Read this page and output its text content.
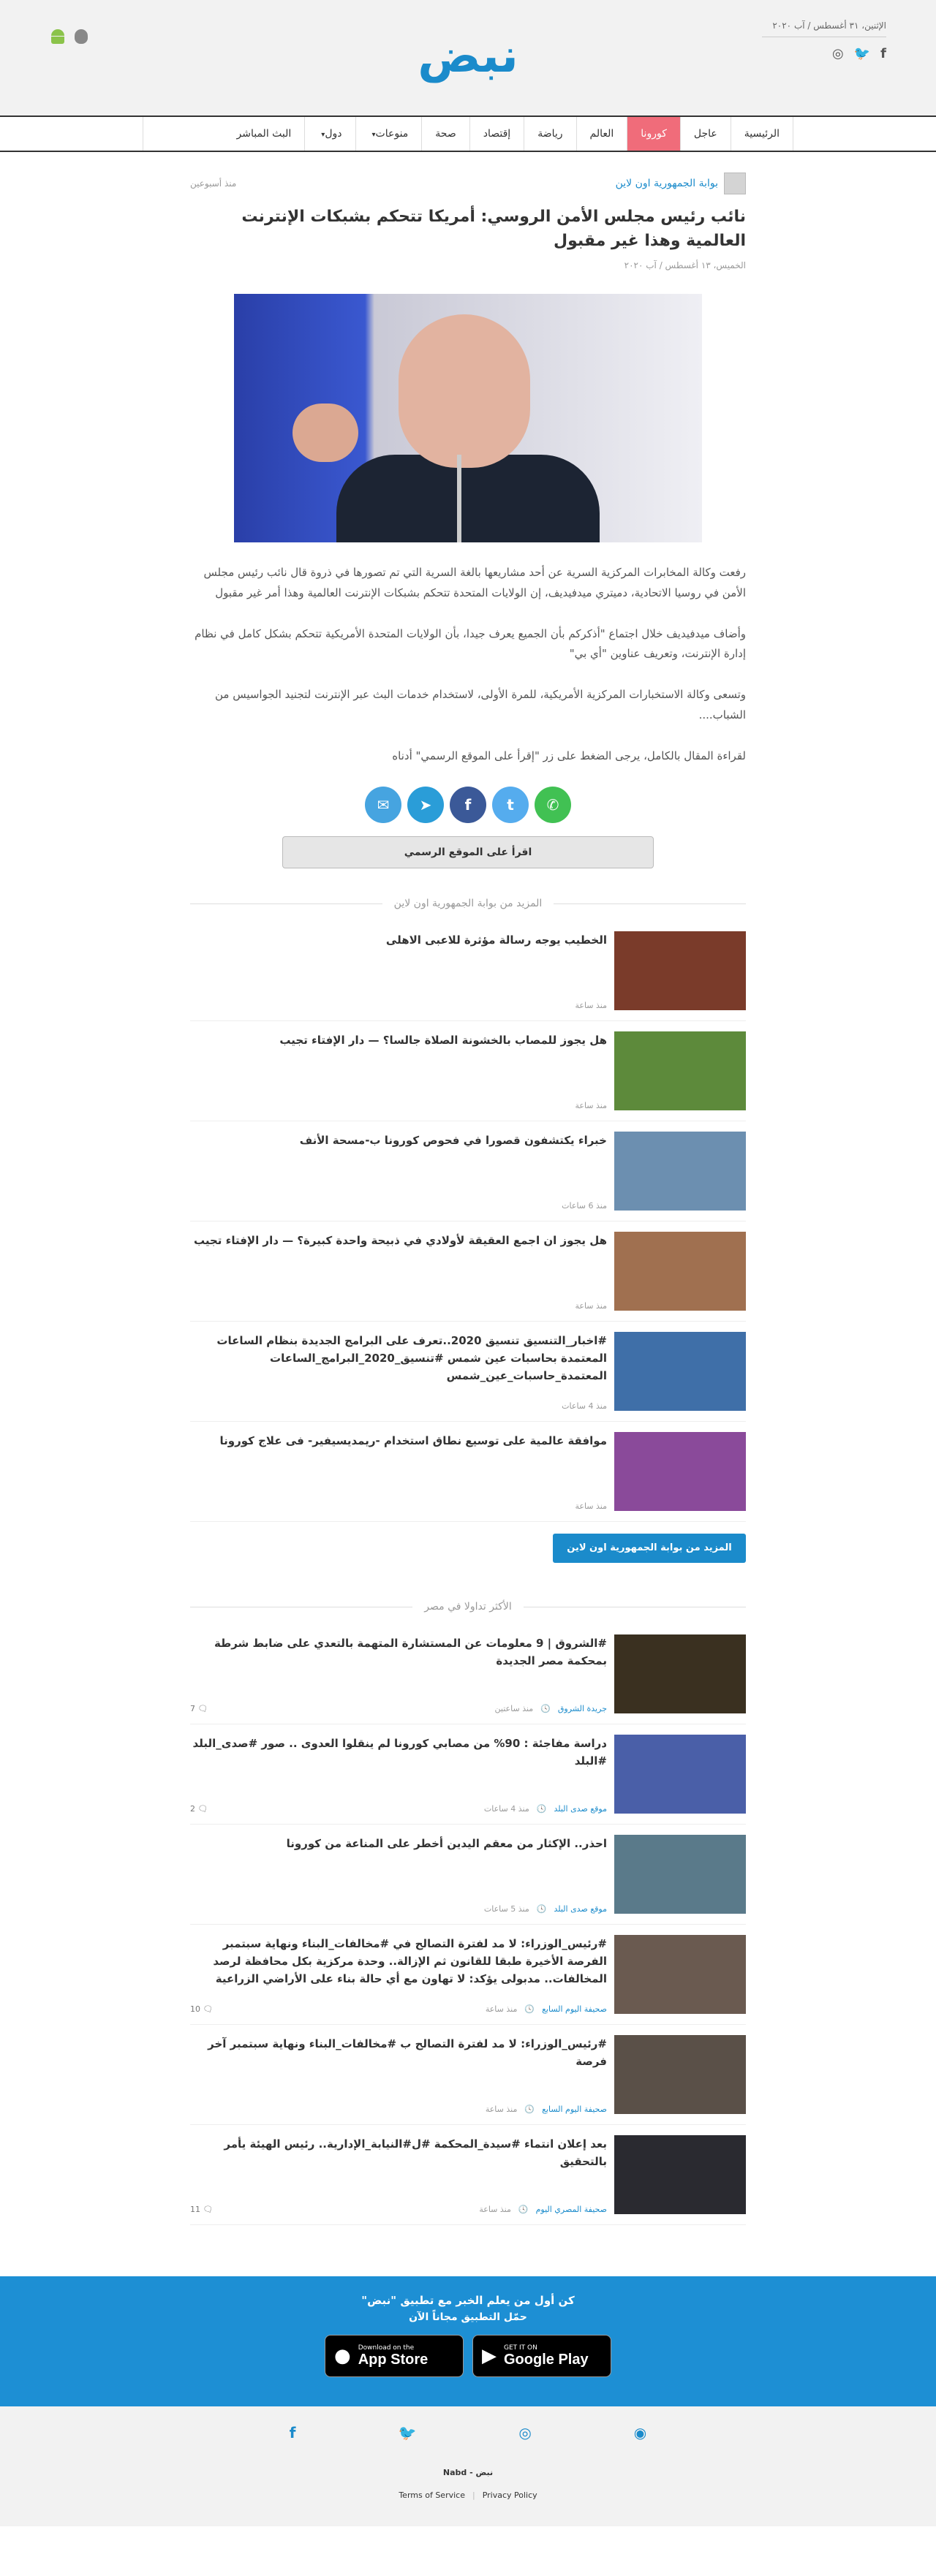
نبض
الإثنين، ٣١ أغسطس / آب ٢٠٢٠
f
🐦
◎
الرئيسية
عاجل
كورونا
العالم
رياضة
إقتصاد
صحة
منوعات▾
دول▾
البث المباشر
بوابة الجمهورية اون لاين
منذ أسبوعين
نائب رئيس مجلس الأمن الروسي: أمريكا تتحكم بشبكات الإنترنت العالمية وهذا غير مقبول
الخميس، ١٣ أغسطس / آب ٢٠٢٠

رفعت وكالة المخابرات المركزية السرية عن أحد مشاريعها بالغة السرية التي تم تصورها في ذروة قال نائب رئيس مجلس الأمن في روسيا الاتحادية، دميتري ميدفيديف، إن الولايات المتحدة تتحكم بشبكات الإنترنت العالمية وهذا أمر غير مقبول

وأضاف ميدفيديف خلال اجتماع "أذكركم بأن الجميع يعرف جيدا، بأن الولايات المتحدة الأمريكية تتحكم بشكل كامل في نظام إدارة الإنترنت، وتعريف عناوين "أي بي"

وتسعى وكالة الاستخبارات المركزية الأمريكية، للمرة الأولى، لاستخدام خدمات البث عبر الإنترنت لتجنيد الجواسيس من الشباب....

لقراءة المقال بالكامل، يرجى الضغط على زر "إقرأ على الموقع الرسمي" أدناه

✉	➤	f	t	✆
اقرأ على الموقع الرسمي
المزيد من بوابة الجمهورية اون لاين
الخطيب يوجه رسالة مؤثرة للاعبى الاهلى
منذ ساعة
هل يجوز للمصاب بالخشونة الصلاة جالسا؟ — دار الإفتاء تجيب
منذ ساعة
خبراء يكتشفون قصورا في فحوص كورونا ب-مسحة الأنف
منذ 6 ساعات
هل يجوز ان اجمع العقيقة لأولادي في ذبيحة واحدة كبيرة؟ — دار الإفتاء تجيب
منذ ساعة
#اخبار_التنسيق تنسيق 2020..تعرف على البرامج الجديدة بنظام الساعات المعتمدة بحاسبات عين شمس #تنسيق_2020_البرامج_الساعات المعتمدة_حاسبات_عين_شمس
منذ 4 ساعات
موافقة عالمية على توسيع نطاق استخدام -ريمديسيفير- فى علاج كورونا
منذ ساعة
المزيد من بوابة الجمهورية اون لاين
الأكثر تداولا في مصر
#الشروق | 9 معلومات عن المستشارة المتهمة بالتعدي على ضابط شرطة بمحكمة مصر الجديدة
جريدة الشروق
🕓
منذ ساعتين
🗨 7
دراسة مفاجئة : 90% من مصابي كورونا لم ينقلوا العدوى .. صور #صدى_البلد #البلد
موقع صدى البلد
🕓
منذ 4 ساعات
🗨 2
احذر.. الإكثار من معقم اليدين أخطر على المناعة من كورونا
موقع صدى البلد
🕓
منذ 5 ساعات
#رئيس_الوزراء: لا مد لفترة التصالح في #مخالفات_البناء ونهاية سبتمبر الفرصة الأخيرة طبقا للقانون ثم الإزالة.. وحدة مركزية بكل محافظة لرصد المخالفات.. مدبولى يؤكد: لا تهاون مع أي حالة بناء على الأراضي الزراعية
صحيفة اليوم السابع
🕓
منذ ساعة
🗨 10
#رئيس_الوزراء: لا مد لفترة التصالح ب #مخالفات_البناء ونهاية سبتمبر آخر فرصة
صحيفة اليوم السابع
🕓
منذ ساعة
بعد إعلان انتماء #سيدة_المحكمة #ل#النيابة_الإدارية.. رئيس الهيئة يأمر بالتحقيق
صحيفة المصري اليوم
🕓
منذ ساعة
🗨 11
كن أول من يعلم الخبر مع تطبيق "نبض"
حمّل التطبيق مجاناً الآن
● Download on the
App Store	▶ GET IT ON
Google Play
f	🐦	◎	◉
نبض - Nabd
Terms of Service | Privacy Policy
